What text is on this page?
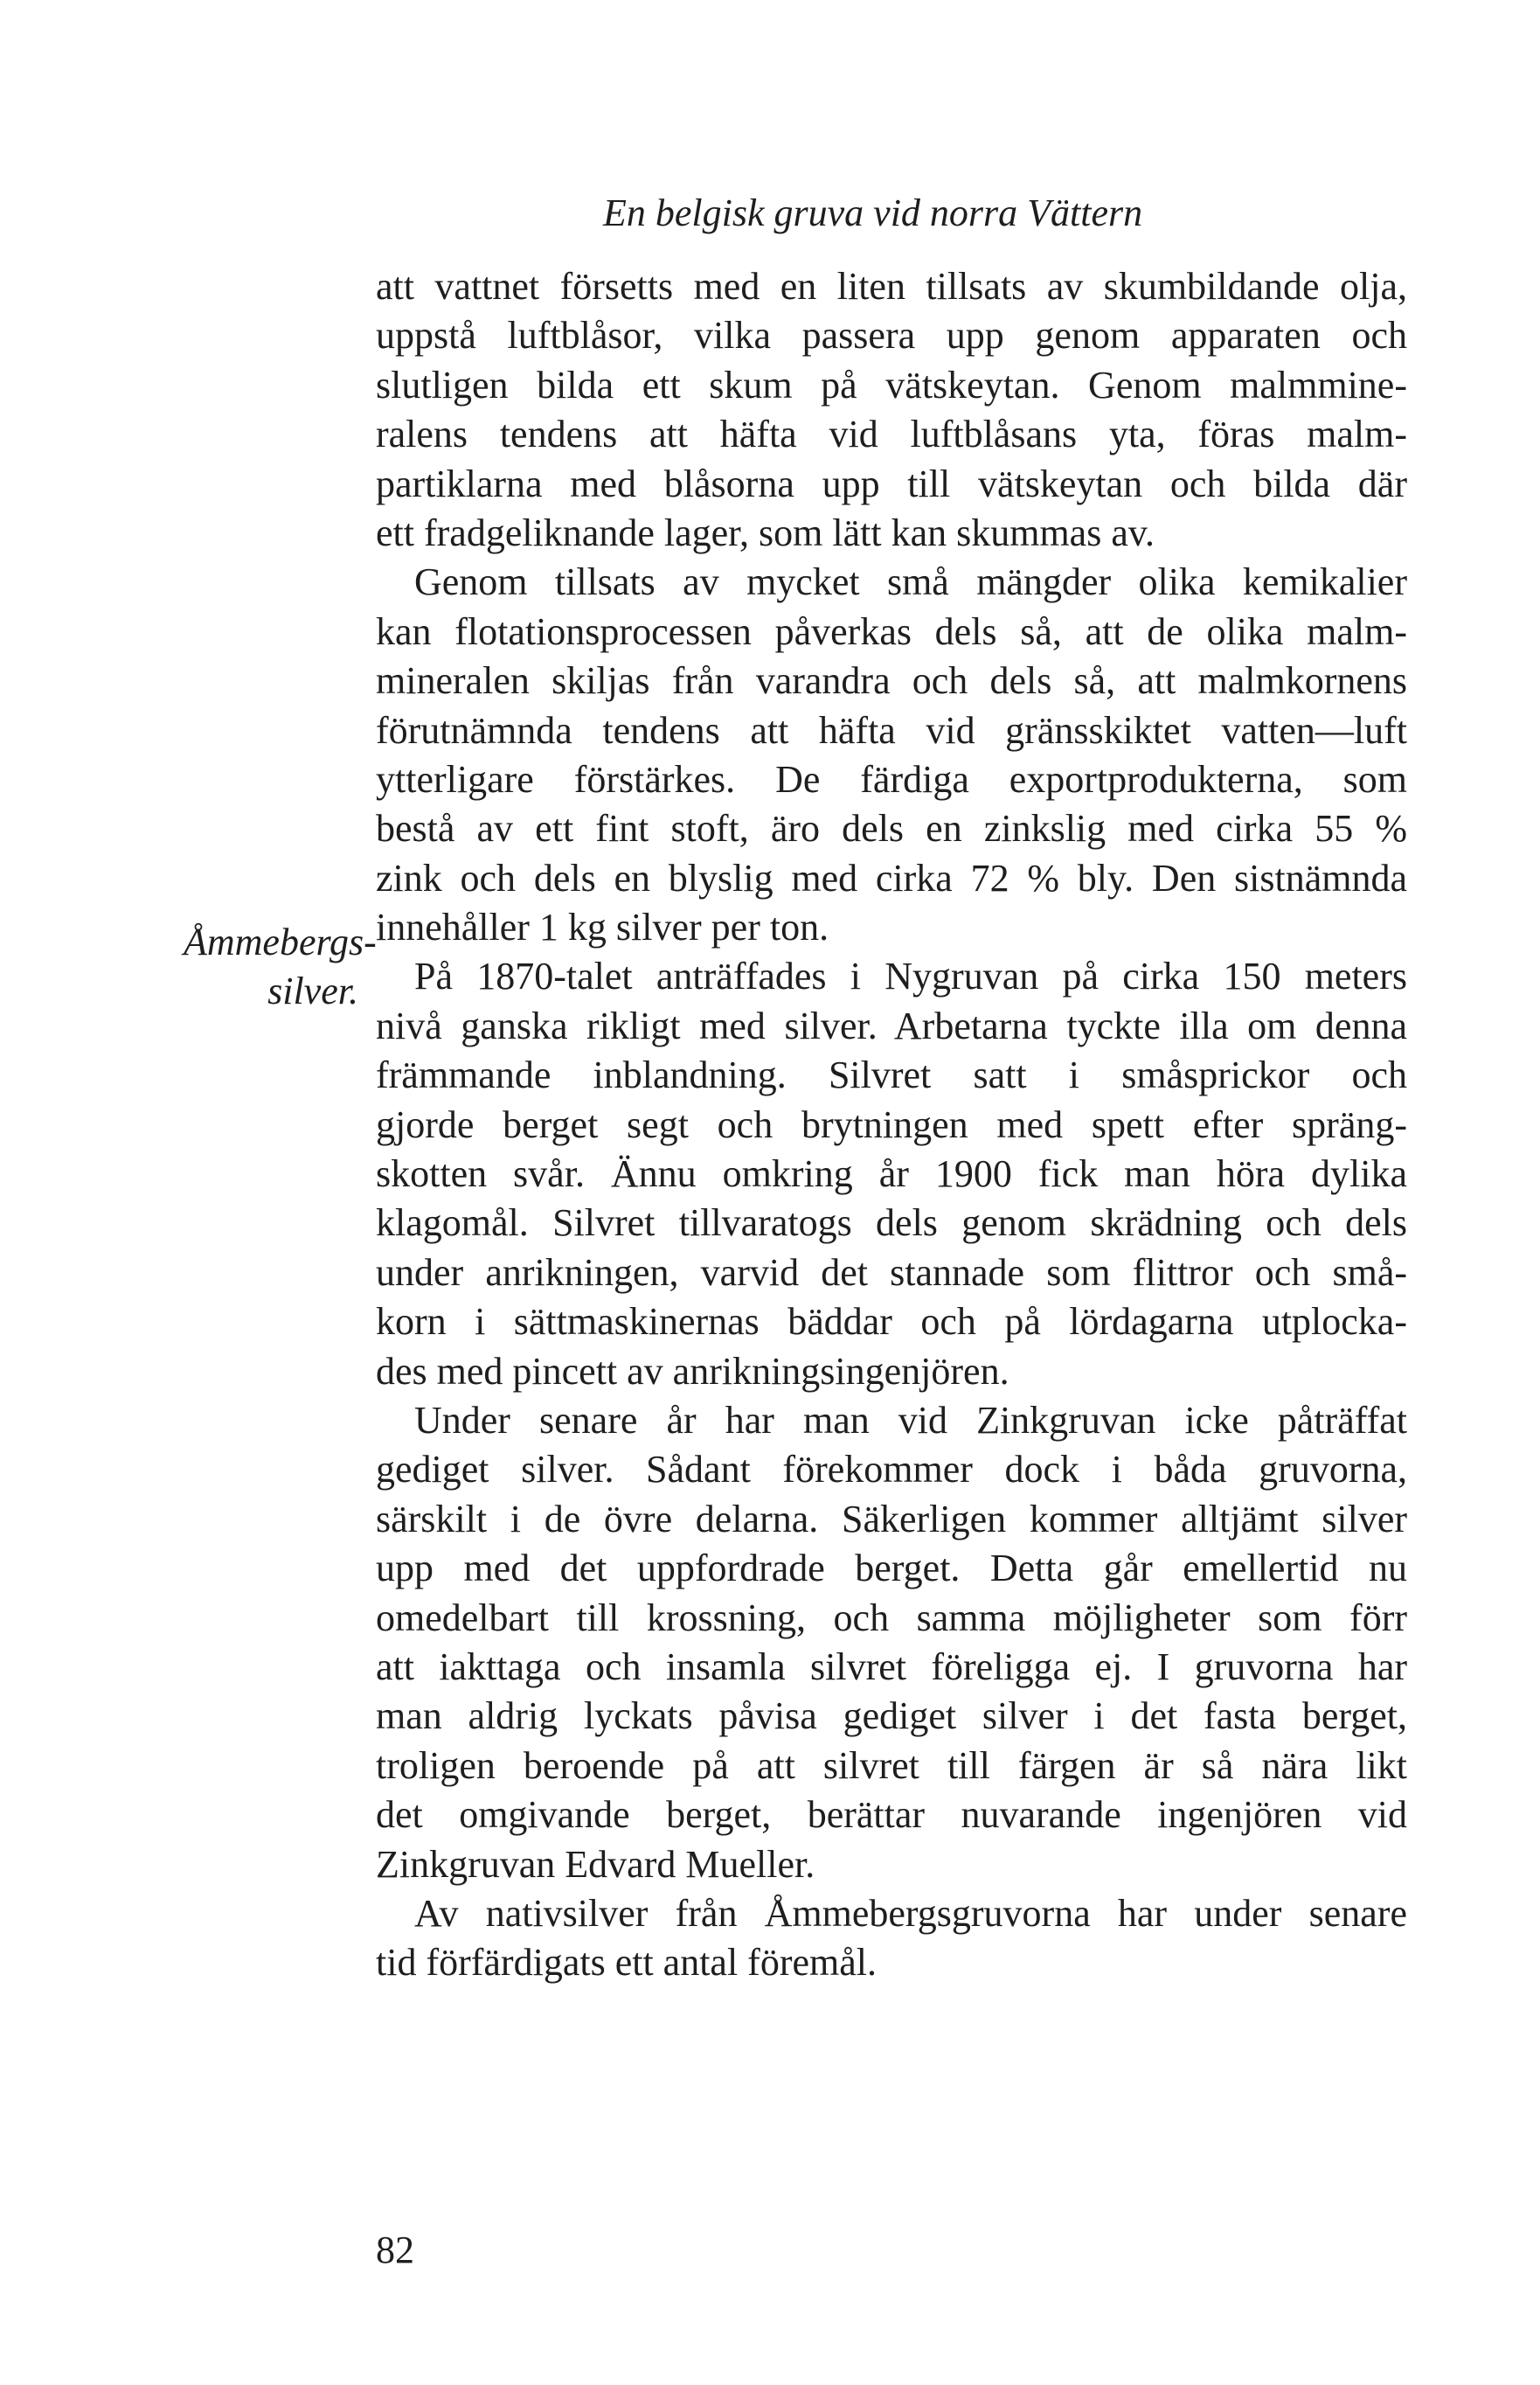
En belgisk gruva vid norra Vättern
Åmmebergs-
silver.
att vattnet försetts med en liten tillsats av skumbildande olja,
uppstå luftblåsor, vilka passera upp genom apparaten och
slutligen bilda ett skum på vätskeytan. Genom malmmine-
ralens tendens att häfta vid luftblåsans yta, föras malm-
partiklarna med blåsorna upp till vätskeytan och bilda där
ett fradgeliknande lager, som lätt kan skummas av.
Genom tillsats av mycket små mängder olika kemikalier
kan flotationsprocessen påverkas dels så, att de olika malm-
mineralen skiljas från varandra och dels så, att malmkornens
förutnämnda tendens att häfta vid gränsskiktet vatten—luft
ytterligare förstärkes. De färdiga exportprodukterna, som
bestå av ett fint stoft, äro dels en zinkslig med cirka 55 %
zink och dels en blyslig med cirka 72 % bly. Den sistnämnda
innehåller 1 kg silver per ton.
På 1870-talet anträffades i Nygruvan på cirka 150 meters
nivå ganska rikligt med silver. Arbetarna tyckte illa om denna
främmande inblandning. Silvret satt i småsprickor och
gjorde berget segt och brytningen med spett efter spräng-
skotten svår. Ännu omkring år 1900 fick man höra dylika
klagomål. Silvret tillvaratogs dels genom skrädning och dels
under anrikningen, varvid det stannade som flittror och små-
korn i sättmaskinernas bäddar och på lördagarna utplocka-
des med pincett av anrikningsingenjören.
Under senare år har man vid Zinkgruvan icke påträffat
gediget silver. Sådant förekommer dock i båda gruvorna,
särskilt i de övre delarna. Säkerligen kommer alltjämt silver
upp med det uppfordrade berget. Detta går emellertid nu
omedelbart till krossning, och samma möjligheter som förr
att iakttaga och insamla silvret föreligga ej. I gruvorna har
man aldrig lyckats påvisa gediget silver i det fasta berget,
troligen beroende på att silvret till färgen är så nära likt
det omgivande berget, berättar nuvarande ingenjören vid
Zinkgruvan Edvard Mueller.
Av nativsilver från Åmmebergsgruvorna har under senare
tid förfärdigats ett antal föremål.
82
